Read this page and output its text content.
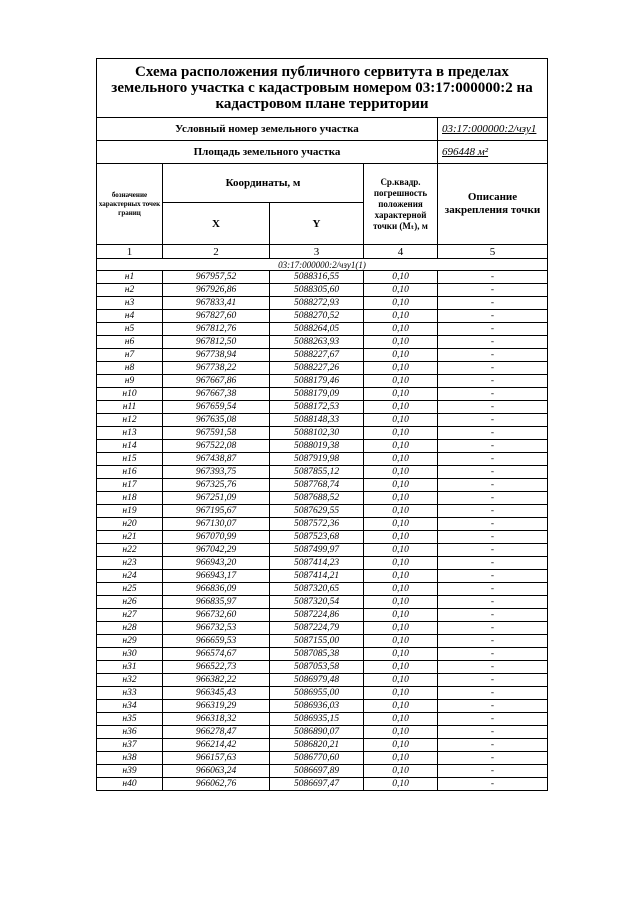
Схема расположения публичного сервитута в пределах земельного участка с кадастровым номером 03:17:000000:2 на кадастровом плане территории				
Условный номер земельного участка				03:17:000000:2/чзу1
Площадь земельного участка				696448 м²
бозначение характерных точек границ	Координаты, м		Ср.квадр. погрешность положения характерной точки (Mₜ), м	Описание закрепления точки
	X	Y		
1	2	3	4	5
03:17:000000:2/чзу1(1)				
н1	967957,52	5088316,55	0,10	-
н2	967926,86	5088305,60	0,10	-
н3	967833,41	5088272,93	0,10	-
н4	967827,60	5088270,52	0,10	-
н5	967812,76	5088264,05	0,10	-
н6	967812,50	5088263,93	0,10	-
н7	967738,94	5088227,67	0,10	-
н8	967738,22	5088227,26	0,10	-
н9	967667,86	5088179,46	0,10	-
н10	967667,38	5088179,09	0,10	-
н11	967659,54	5088172,53	0,10	-
н12	967635,08	5088148,33	0,10	-
н13	967591,58	5088102,30	0,10	-
н14	967522,08	5088019,38	0,10	-
н15	967438,87	5087919,98	0,10	-
н16	967393,75	5087855,12	0,10	-
н17	967325,76	5087768,74	0,10	-
н18	967251,09	5087688,52	0,10	-
н19	967195,67	5087629,55	0,10	-
н20	967130,07	5087572,36	0,10	-
н21	967070,99	5087523,68	0,10	-
н22	967042,29	5087499,97	0,10	-
н23	966943,20	5087414,23	0,10	-
н24	966943,17	5087414,21	0,10	-
н25	966836,09	5087320,65	0,10	-
н26	966835,97	5087320,54	0,10	-
н27	966732,60	5087224,86	0,10	-
н28	966732,53	5087224,79	0,10	-
н29	966659,53	5087155,00	0,10	-
н30	966574,67	5087085,38	0,10	-
н31	966522,73	5087053,58	0,10	-
н32	966382,22	5086979,48	0,10	-
н33	966345,43	5086955,00	0,10	-
н34	966319,29	5086936,03	0,10	-
н35	966318,32	5086935,15	0,10	-
н36	966278,47	5086890,07	0,10	-
н37	966214,42	5086820,21	0,10	-
н38	966157,63	5086770,60	0,10	-
н39	966063,24	5086697,89	0,10	-
н40	966062,76	5086697,47	0,10	-
